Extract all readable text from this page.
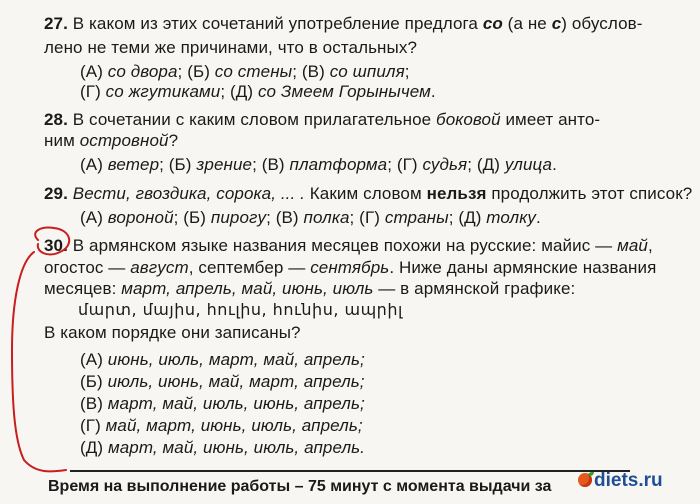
27. В каком из этих сочетаний употребление предлога со (а не с) обуслов-
лено не теми же причинами, что в остальных?
(А) со двора; (Б) со стены; (В) со шпиля;
(Г) со жгутиками; (Д) со Змеем Горынычем.
28. В сочетании с каким словом прилагательное боковой имеет анто-
ним островной?
(А) ветер; (Б) зрение; (В) платформа; (Г) судья; (Д) улица.
29. Вести, гвоздика, сорока, ... . Каким словом нельзя продолжить этот список?
(А) вороной; (Б) пирогу; (В) полка; (Г) страны; (Д) толку.
30. В армянском языке названия месяцев похожи на русские: майис — май,
огостос — август, септембер — сентябрь. Ниже даны армянские названия
месяцев: март, апрель, май, июнь, июль — в армянской графике:
մարտ, մայիս, հուլիս, հունիս, ապրիլ
В каком порядке они записаны?
(А) июнь, июль, март, май, апрель;
(Б) июль, июнь, май, март, апрель;
(В) март, май, июль, июнь, апрель;
(Г) май, март, июнь, июль, апрель;
(Д) март, май, июнь, июль, апрель.
Время на выполнение работы – 75 минут с момента выдачи за	diets.ru
